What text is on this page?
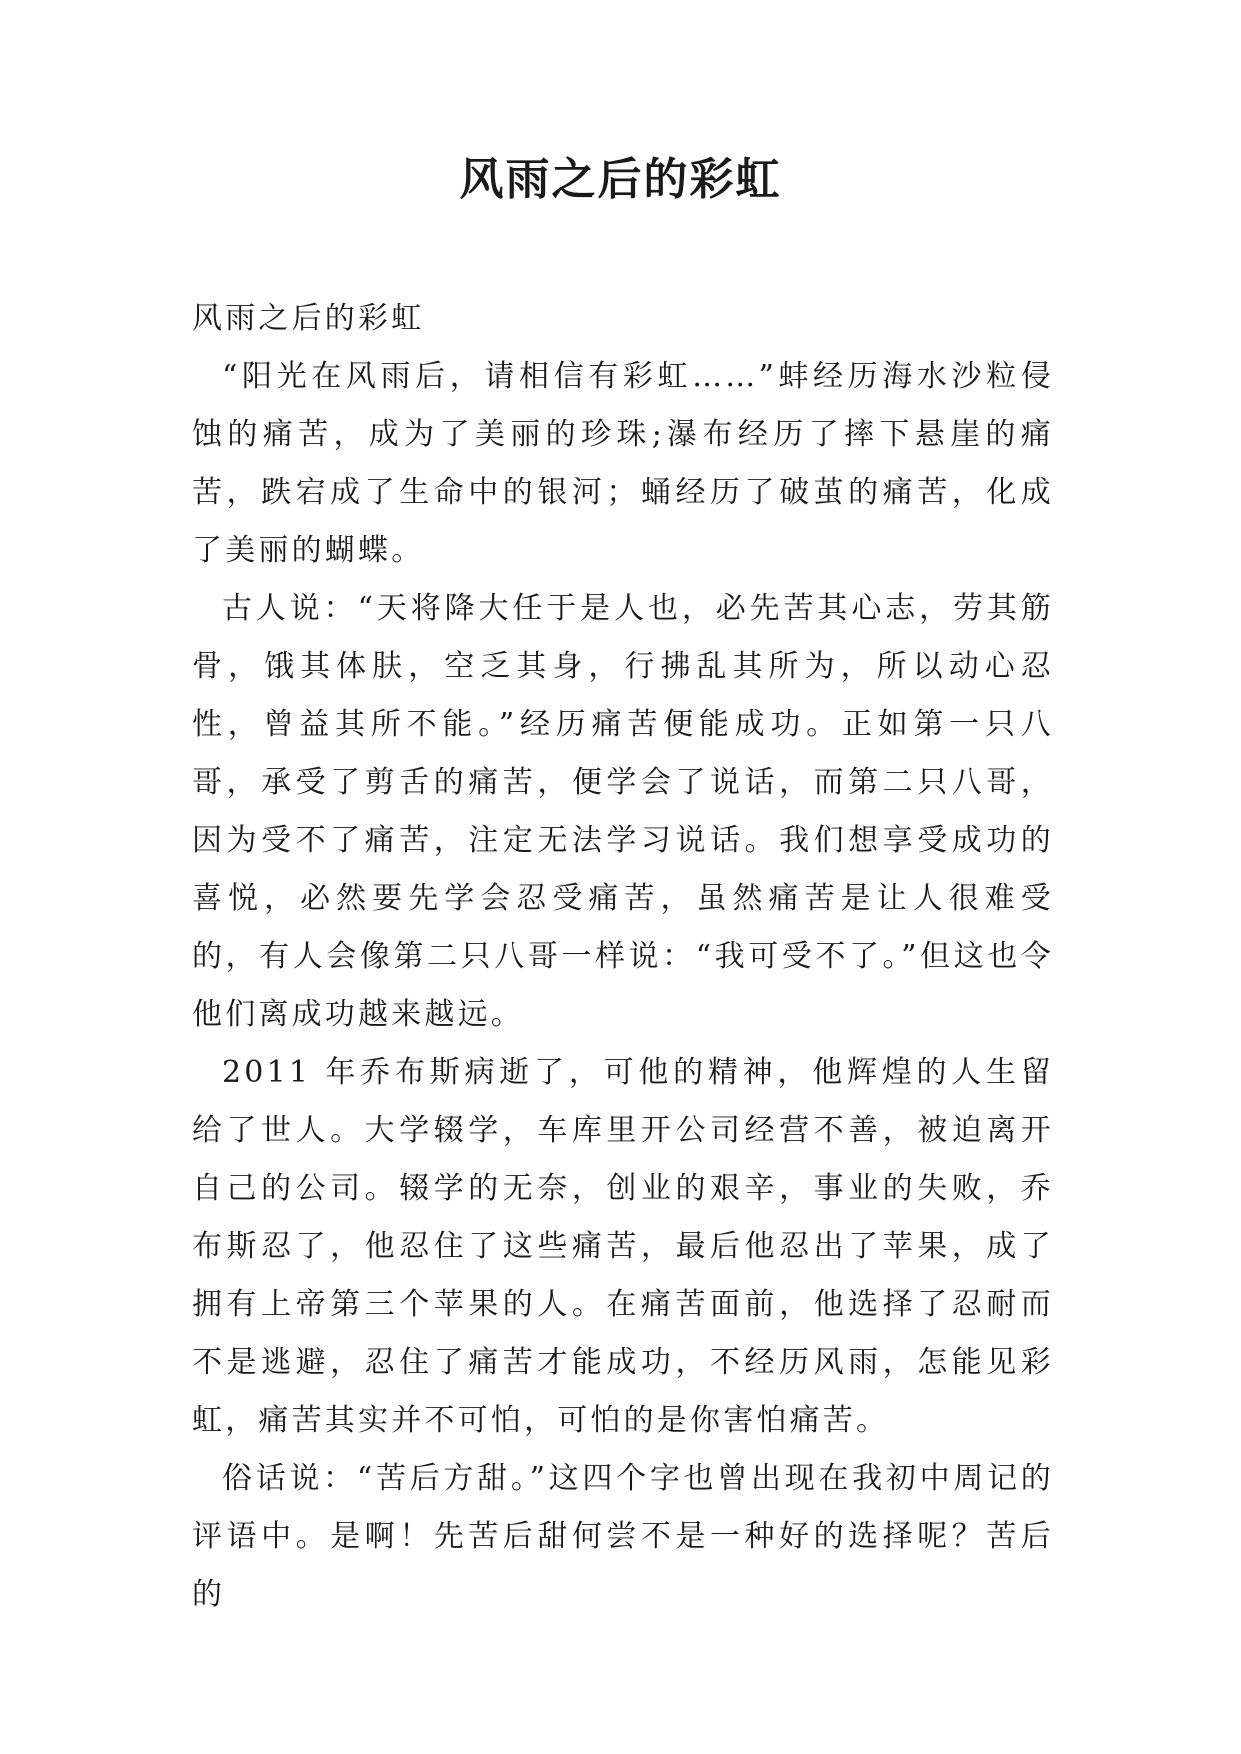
风雨之后的彩虹

风雨之后的彩虹

“阳光在风雨后，请相信有彩虹……”蚌经历海水沙粒侵蚀的痛苦，成为了美丽的珍珠;瀑布经历了摔下悬崖的痛苦，跌宕成了生命中的银河；蛹经历了破茧的痛苦，化成了美丽的蝴蝶。

古人说：“天将降大任于是人也，必先苦其心志，劳其筋骨，饿其体肤，空乏其身，行拂乱其所为，所以动心忍性，曾益其所不能。”经历痛苦便能成功。正如第一只八哥，承受了剪舌的痛苦，便学会了说话，而第二只八哥，因为受不了痛苦，注定无法学习说话。我们想享受成功的喜悦，必然要先学会忍受痛苦，虽然痛苦是让人很难受的，有人会像第二只八哥一样说：“我可受不了。”但这也令他们离成功越来越远。

2011 年乔布斯病逝了，可他的精神，他辉煌的人生留给了世人。大学辍学，车库里开公司经营不善，被迫离开自己的公司。辍学的无奈，创业的艰辛，事业的失败，乔布斯忍了，他忍住了这些痛苦，最后他忍出了苹果，成了拥有上帝第三个苹果的人。在痛苦面前，他选择了忍耐而不是逃避，忍住了痛苦才能成功，不经历风雨，怎能见彩虹，痛苦其实并不可怕，可怕的是你害怕痛苦。

俗话说：“苦后方甜。”这四个字也曾出现在我初中周记的评语中。是啊！先苦后甜何尝不是一种好的选择呢？苦后的
